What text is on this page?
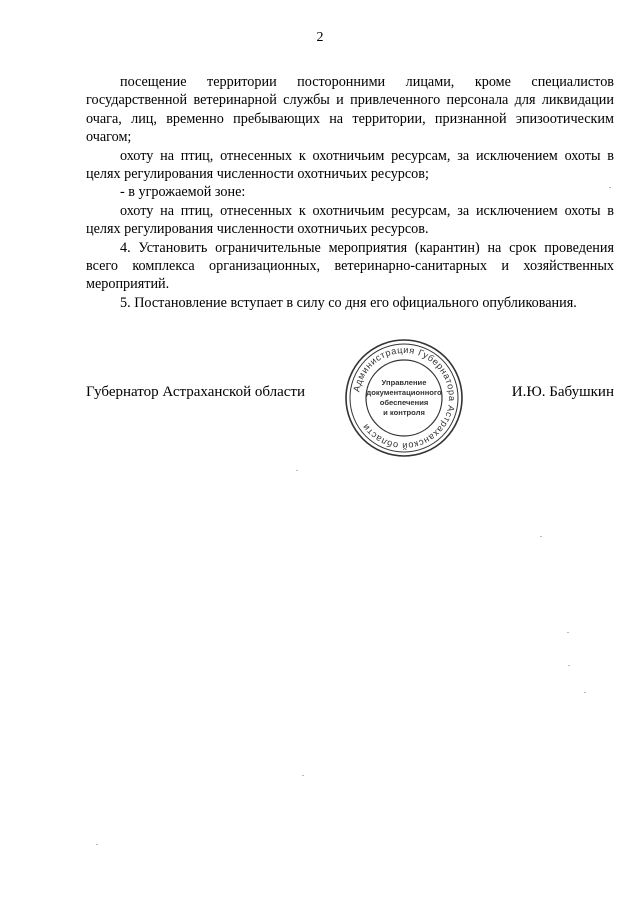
2

посещение территории посторонними лицами, кроме специалистов государственной ветеринарной службы и привлеченного персонала для ликвидации очага, лиц, временно пребывающих на территории, признанной эпизоотическим очагом;

охоту на птиц, отнесенных к охотничьим ресурсам, за исключением охоты в целях регулирования численности охотничьих ресурсов;

- в угрожаемой зоне:

охоту на птиц, отнесенных к охотничьим ресурсам, за исключением охоты в целях регулирования численности охотничьих ресурсов.

4. Установить ограничительные мероприятия (карантин) на срок проведения всего комплекса организационных, ветеринарно-санитарных и хозяйственных мероприятий.

5. Постановление вступает в силу со дня его официального опубликования.

Губернатор Астраханской области	И.Ю. Бабушкин
Администрация Губернатора Астраханской области
Управление
документационного
обеспечения
и контроля
